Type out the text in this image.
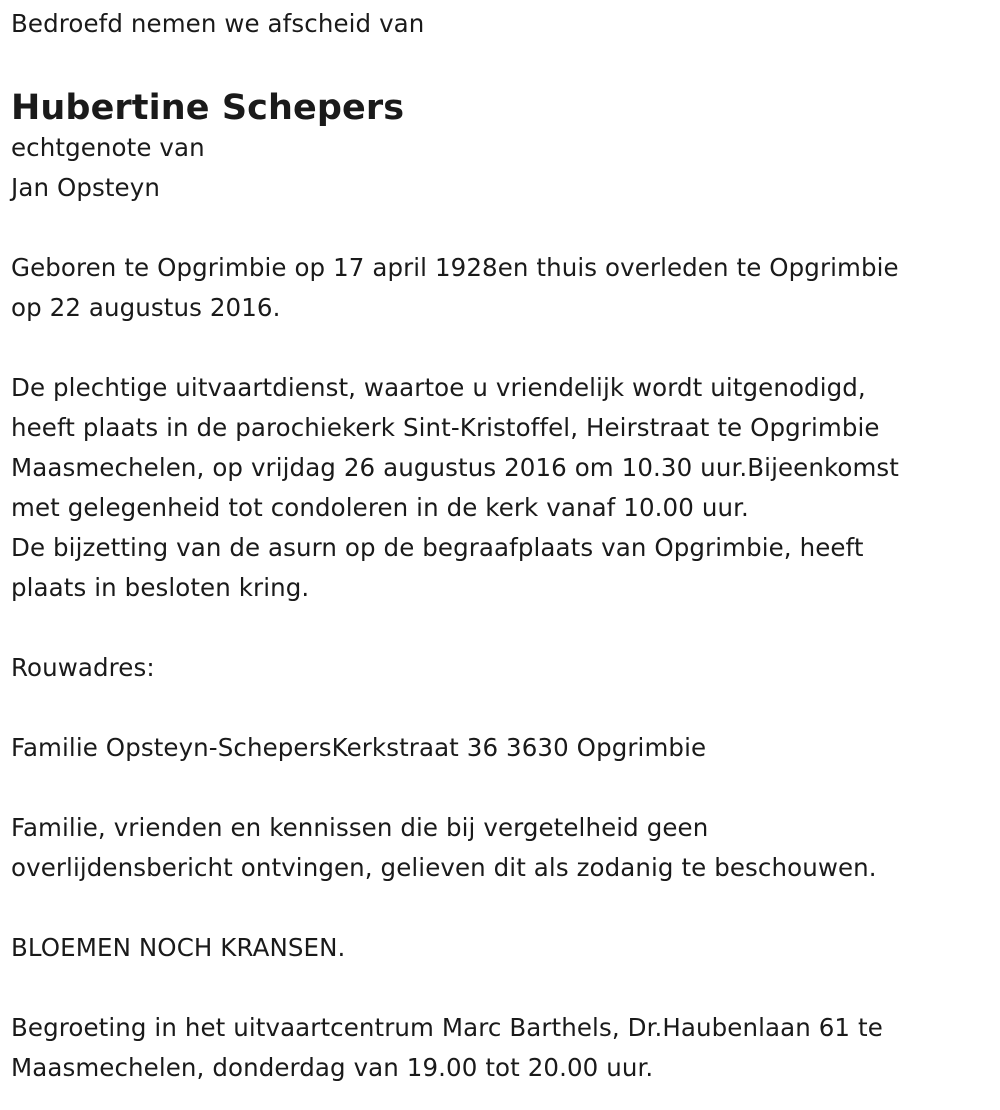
Bedroefd nemen we afscheid van
Hubertine Schepers
echtgenote van
Jan Opsteyn
Geboren te Opgrimbie op 17 april 1928en thuis overleden te Opgrimbie
op 22 augustus 2016.
De plechtige uitvaartdienst, waartoe u vriendelijk wordt uitgenodigd,
heeft plaats in de parochiekerk Sint-Kristoffel, Heirstraat te Opgrimbie
Maasmechelen, op vrijdag 26 augustus 2016 om 10.30 uur.Bijeenkomst
met gelegenheid tot condoleren in de kerk vanaf 10.00 uur.
De bijzetting van de asurn op de begraafplaats van Opgrimbie, heeft
plaats in besloten kring.
Rouwadres:
Familie Opsteyn-SchepersKerkstraat 36 3630 Opgrimbie
Familie, vrienden en kennissen die bij vergetelheid geen
overlijdensbericht ontvingen, gelieven dit als zodanig te beschouwen.
BLOEMEN NOCH KRANSEN.
Begroeting in het uitvaartcentrum Marc Barthels, Dr.Haubenlaan 61 te
Maasmechelen, donderdag van 19.00 tot 20.00 uur.
